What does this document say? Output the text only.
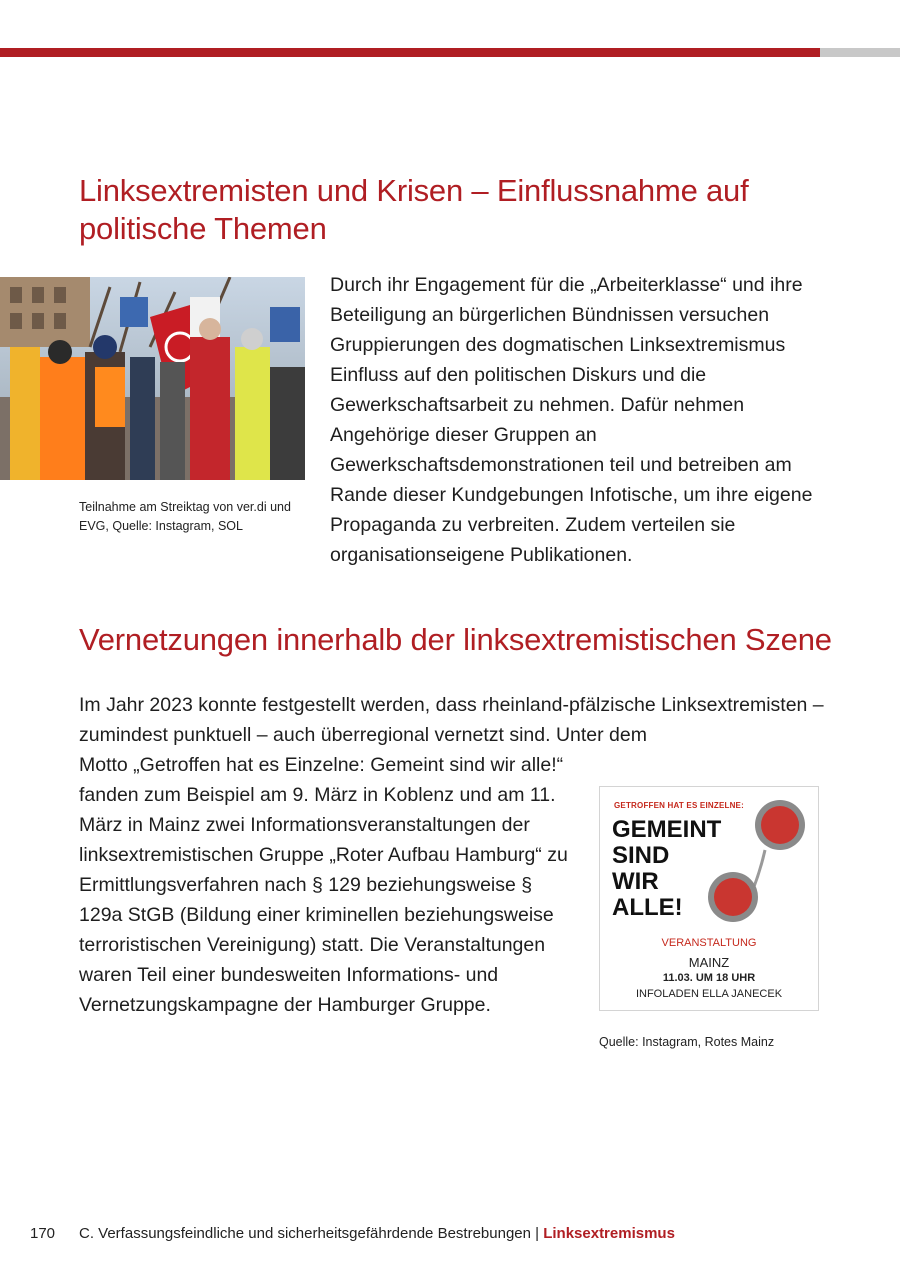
Linksextremisten und Krisen – Einflussnahme auf politische Themen

Teilnahme am Streiktag von ver.di und EVG, Quelle: Instagram, SOL

Durch ihr Engagement für die „Arbeiterklasse“ und ihre Beteiligung an bürgerlichen Bündnissen versuchen Gruppierungen des dogmatischen Linksextremismus Einfluss auf den politischen Diskurs und die Gewerkschaftsarbeit zu nehmen. Dafür nehmen Angehörige dieser Gruppen an Gewerkschaftsdemonstrationen teil und betreiben am Rande dieser Kundgebungen Infotische, um ihre eigene Propaganda zu verbreiten. Zudem verteilen sie organisationseigene Publikationen.

Vernetzungen innerhalb der linksextremistischen Szene

Im Jahr 2023 konnte festgestellt werden, dass rheinland-pfälzische Linksextremisten – zumindest punktuell – auch überregional vernetzt sind. Unter dem

Motto „Getroffen hat es Einzelne: Gemeint sind wir alle!“ fanden zum Beispiel am 9. März in Koblenz und am 11. März in Mainz zwei Informationsveranstaltungen der linksextremistischen Gruppe „Roter Aufbau Hamburg“ zu Ermittlungsverfahren nach § 129 beziehungsweise § 129a StGB (Bildung einer kriminellen beziehungsweise terroristischen Vereinigung) statt. Die Veranstaltungen waren Teil einer bundesweiten Informations- und Vernetzungskampagne der Hamburger Gruppe.

GETROFFEN HAT ES EINZELNE:
GEMEINT
SIND
WIR
ALLE!
VERANSTALTUNG
MAINZ
11.03. UM 18 UHR
INFOLADEN ELLA JANECEK

Quelle: Instagram, Rotes Mainz

170 C. Verfassungsfeindliche und sicherheitsgefährdende Bestrebungen | Linksextremismus
